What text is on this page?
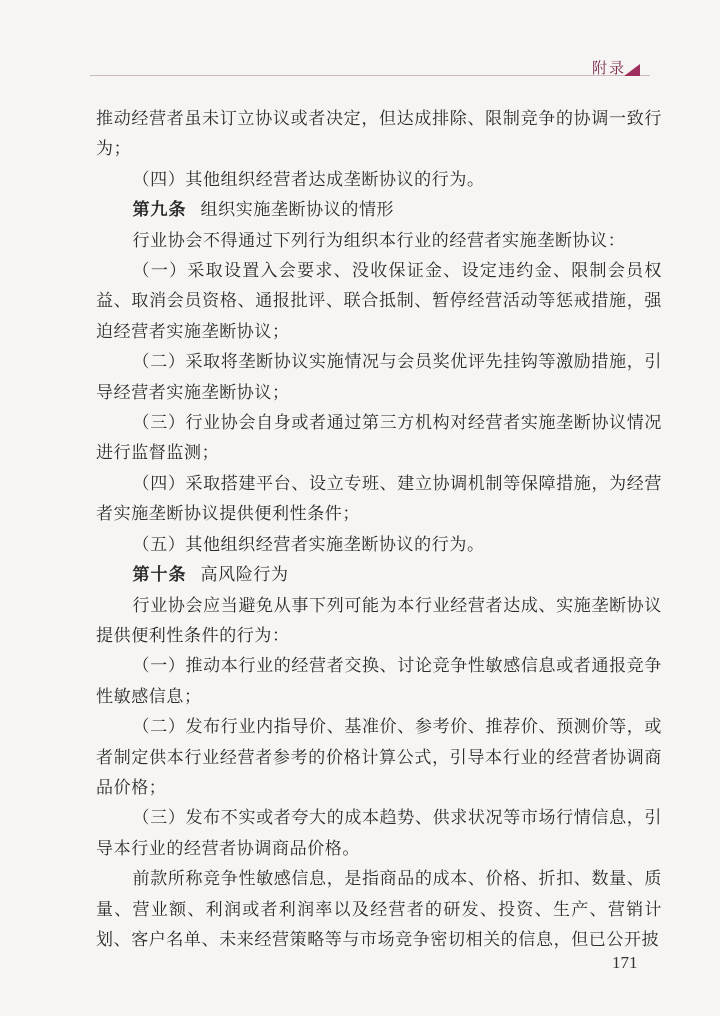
附录

推动经营者虽未订立协议或者决定，但达成排除、限制竞争的协调一致行为；

（四）其他组织经营者达成垄断协议的行为。

第九条 组织实施垄断协议的情形

行业协会不得通过下列行为组织本行业的经营者实施垄断协议：

（一）采取设置入会要求、没收保证金、设定违约金、限制会员权益、取消会员资格、通报批评、联合抵制、暂停经营活动等惩戒措施，强迫经营者实施垄断协议；

（二）采取将垄断协议实施情况与会员奖优评先挂钩等激励措施，引导经营者实施垄断协议；

（三）行业协会自身或者通过第三方机构对经营者实施垄断协议情况进行监督监测；

（四）采取搭建平台、设立专班、建立协调机制等保障措施，为经营者实施垄断协议提供便利性条件；

（五）其他组织经营者实施垄断协议的行为。

第十条 高风险行为

行业协会应当避免从事下列可能为本行业经营者达成、实施垄断协议提供便利性条件的行为：

（一）推动本行业的经营者交换、讨论竞争性敏感信息或者通报竞争性敏感信息；

（二）发布行业内指导价、基准价、参考价、推荐价、预测价等，或者制定供本行业经营者参考的价格计算公式，引导本行业的经营者协调商品价格；

（三）发布不实或者夸大的成本趋势、供求状况等市场行情信息，引导本行业的经营者协调商品价格。

前款所称竞争性敏感信息，是指商品的成本、价格、折扣、数量、质量、营业额、利润或者利润率以及经营者的研发、投资、生产、营销计划、客户名单、未来经营策略等与市场竞争密切相关的信息，但已公开披

171
